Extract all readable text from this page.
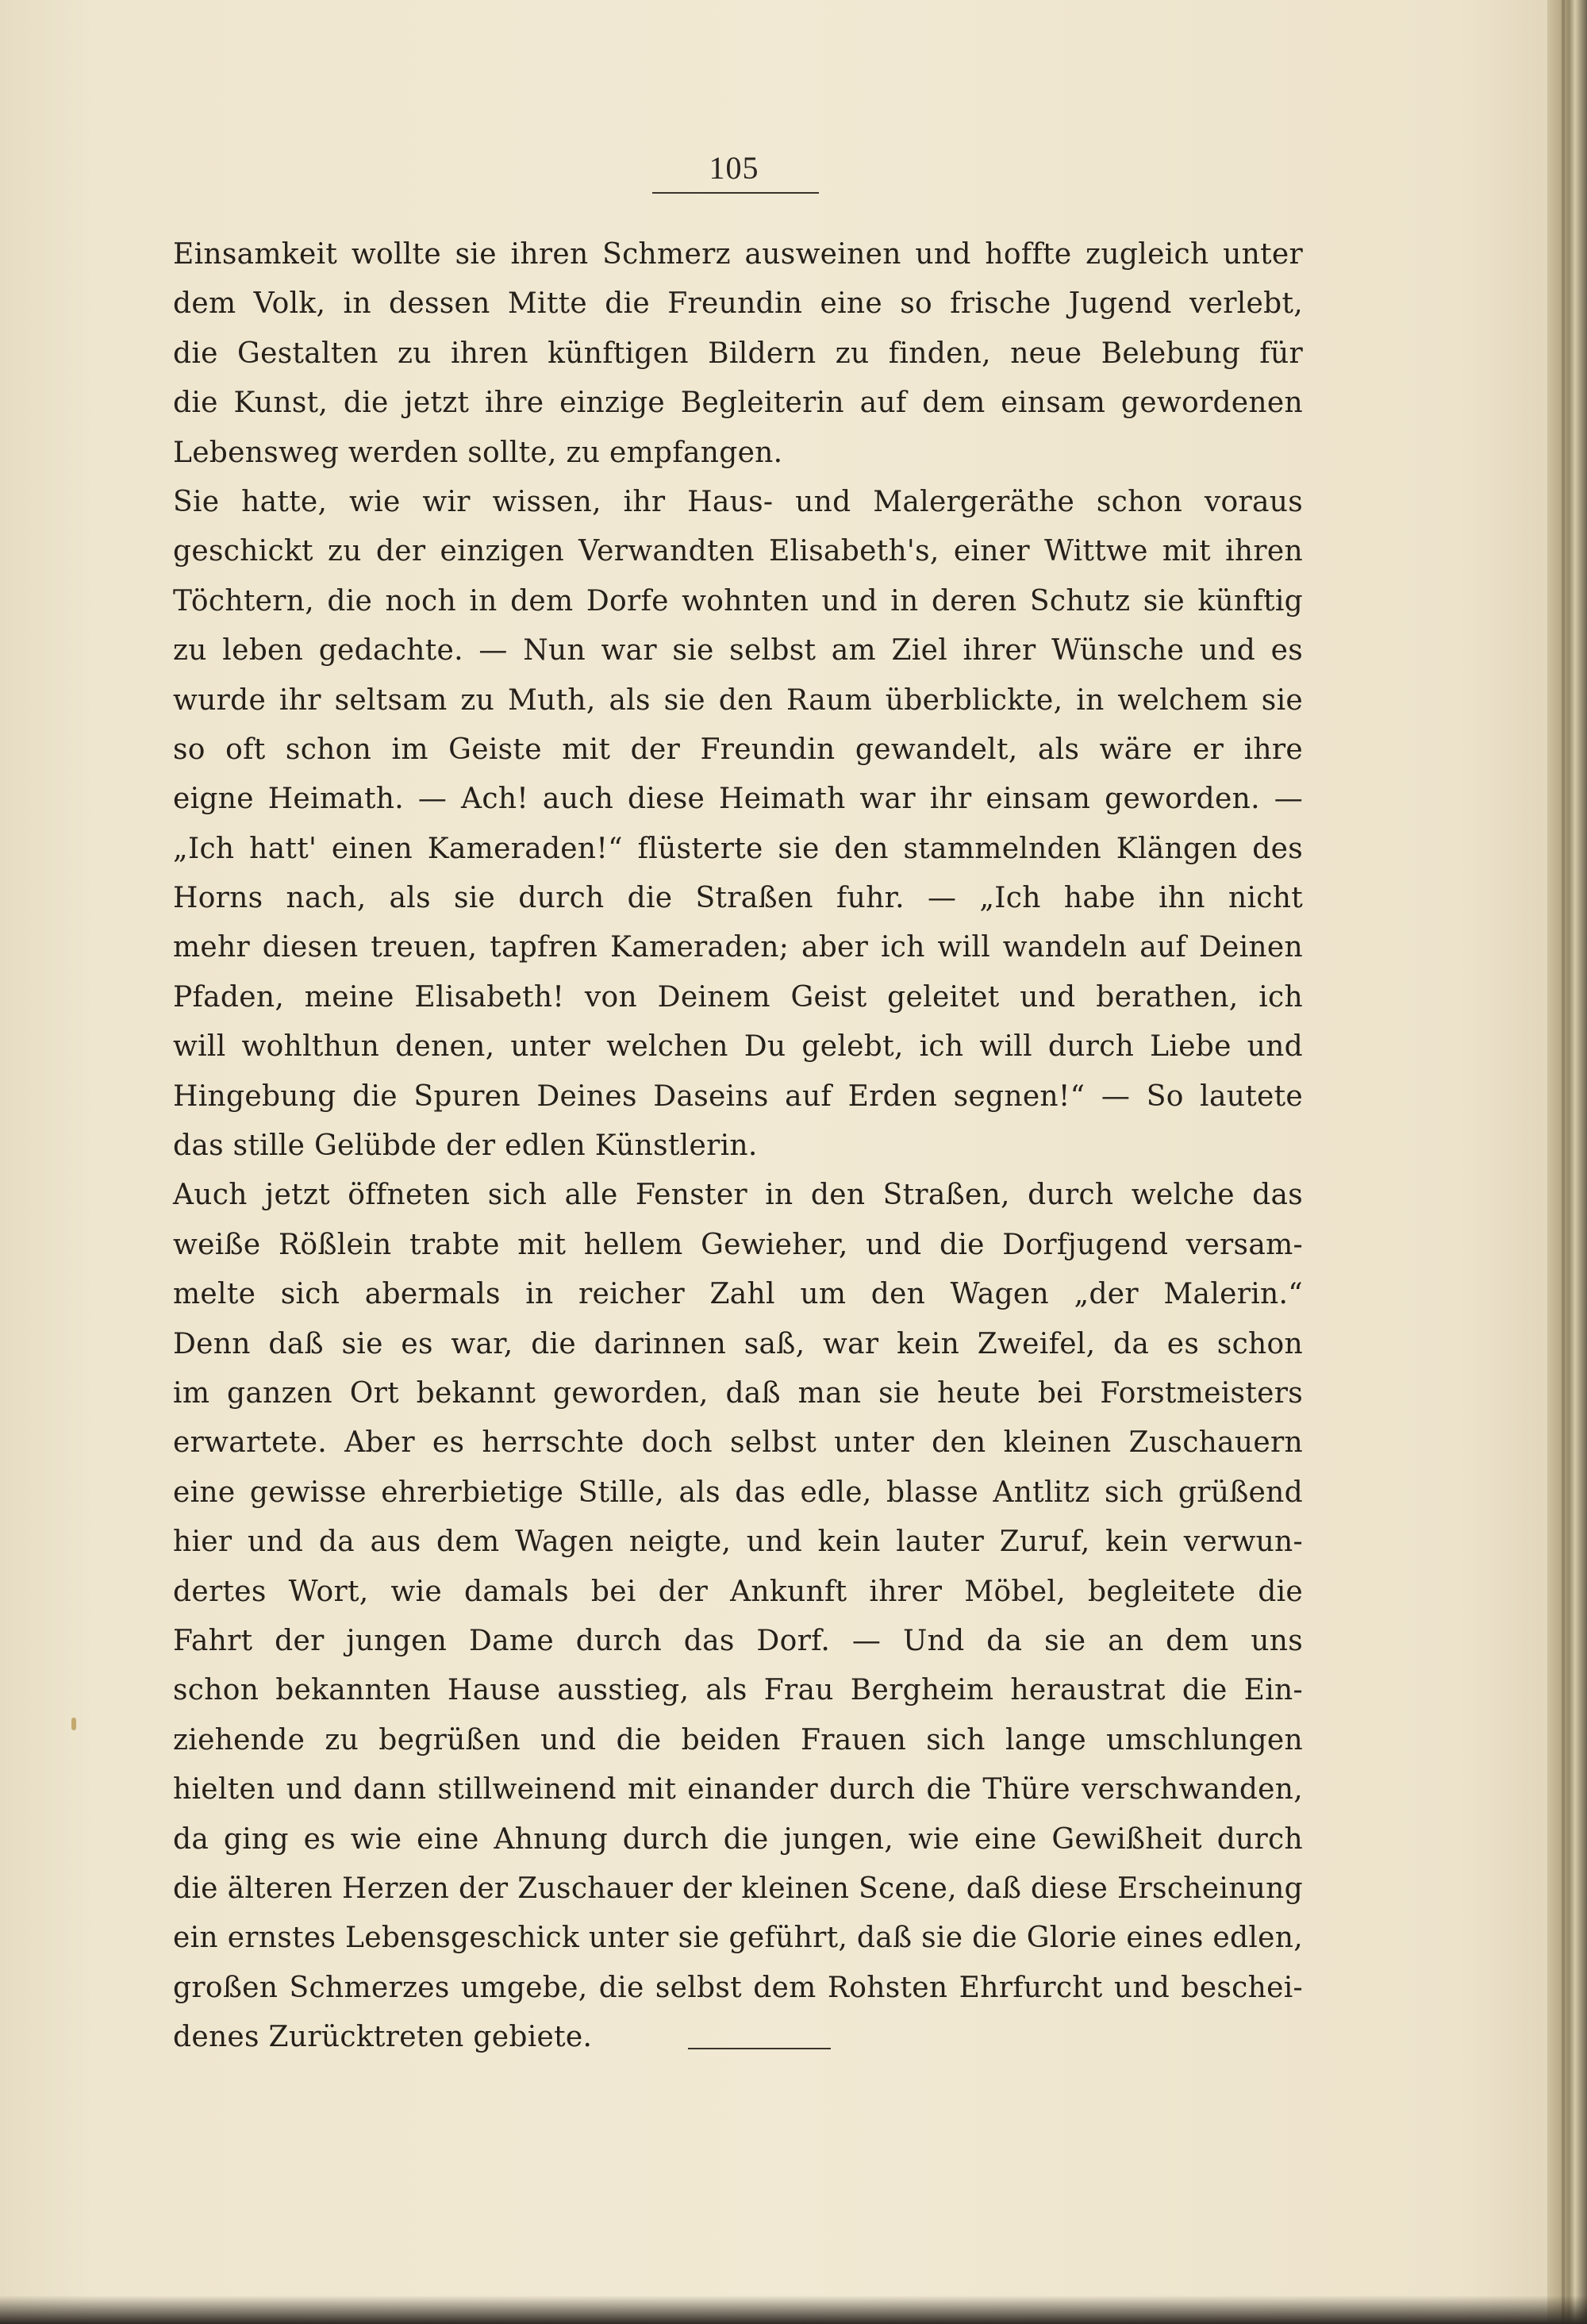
105
Einsamkeit wollte sie ihren Schmerz ausweinen und hoffte zugleich unter
dem Volk, in dessen Mitte die Freundin eine so frische Jugend verlebt,
die Gestalten zu ihren künftigen Bildern zu finden, neue Belebung für
die Kunst, die jetzt ihre einzige Begleiterin auf dem einsam gewordenen
Lebensweg werden sollte, zu empfangen.
Sie hatte, wie wir wissen, ihr Haus- und Malergeräthe schon voraus
geschickt zu der einzigen Verwandten Elisabeth's, einer Wittwe mit ihren
Töchtern, die noch in dem Dorfe wohnten und in deren Schutz sie künftig
zu leben gedachte. — Nun war sie selbst am Ziel ihrer Wünsche und es
wurde ihr seltsam zu Muth, als sie den Raum überblickte, in welchem sie
so oft schon im Geiste mit der Freundin gewandelt, als wäre er ihre
eigne Heimath. — Ach! auch diese Heimath war ihr einsam geworden. —
„Ich hatt' einen Kameraden!“ flüsterte sie den stammelnden Klängen des
Horns nach, als sie durch die Straßen fuhr. — „Ich habe ihn nicht
mehr diesen treuen, tapfren Kameraden; aber ich will wandeln auf Deinen
Pfaden, meine Elisabeth! von Deinem Geist geleitet und berathen, ich
will wohlthun denen, unter welchen Du gelebt, ich will durch Liebe und
Hingebung die Spuren Deines Daseins auf Erden segnen!“ — So lautete
das stille Gelübde der edlen Künstlerin.
Auch jetzt öffneten sich alle Fenster in den Straßen, durch welche das
weiße Rößlein trabte mit hellem Gewieher, und die Dorfjugend versam-
melte sich abermals in reicher Zahl um den Wagen „der Malerin.“
Denn daß sie es war, die darinnen saß, war kein Zweifel, da es schon
im ganzen Ort bekannt geworden, daß man sie heute bei Forstmeisters
erwartete. Aber es herrschte doch selbst unter den kleinen Zuschauern
eine gewisse ehrerbietige Stille, als das edle, blasse Antlitz sich grüßend
hier und da aus dem Wagen neigte, und kein lauter Zuruf, kein verwun-
dertes Wort, wie damals bei der Ankunft ihrer Möbel, begleitete die
Fahrt der jungen Dame durch das Dorf. — Und da sie an dem uns
schon bekannten Hause ausstieg, als Frau Bergheim heraustrat die Ein-
ziehende zu begrüßen und die beiden Frauen sich lange umschlungen
hielten und dann stillweinend mit einander durch die Thüre verschwanden,
da ging es wie eine Ahnung durch die jungen, wie eine Gewißheit durch
die älteren Herzen der Zuschauer der kleinen Scene, daß diese Erscheinung
ein ernstes Lebensgeschick unter sie geführt, daß sie die Glorie eines edlen,
großen Schmerzes umgebe, die selbst dem Rohsten Ehrfurcht und beschei-
denes Zurücktreten gebiete.
